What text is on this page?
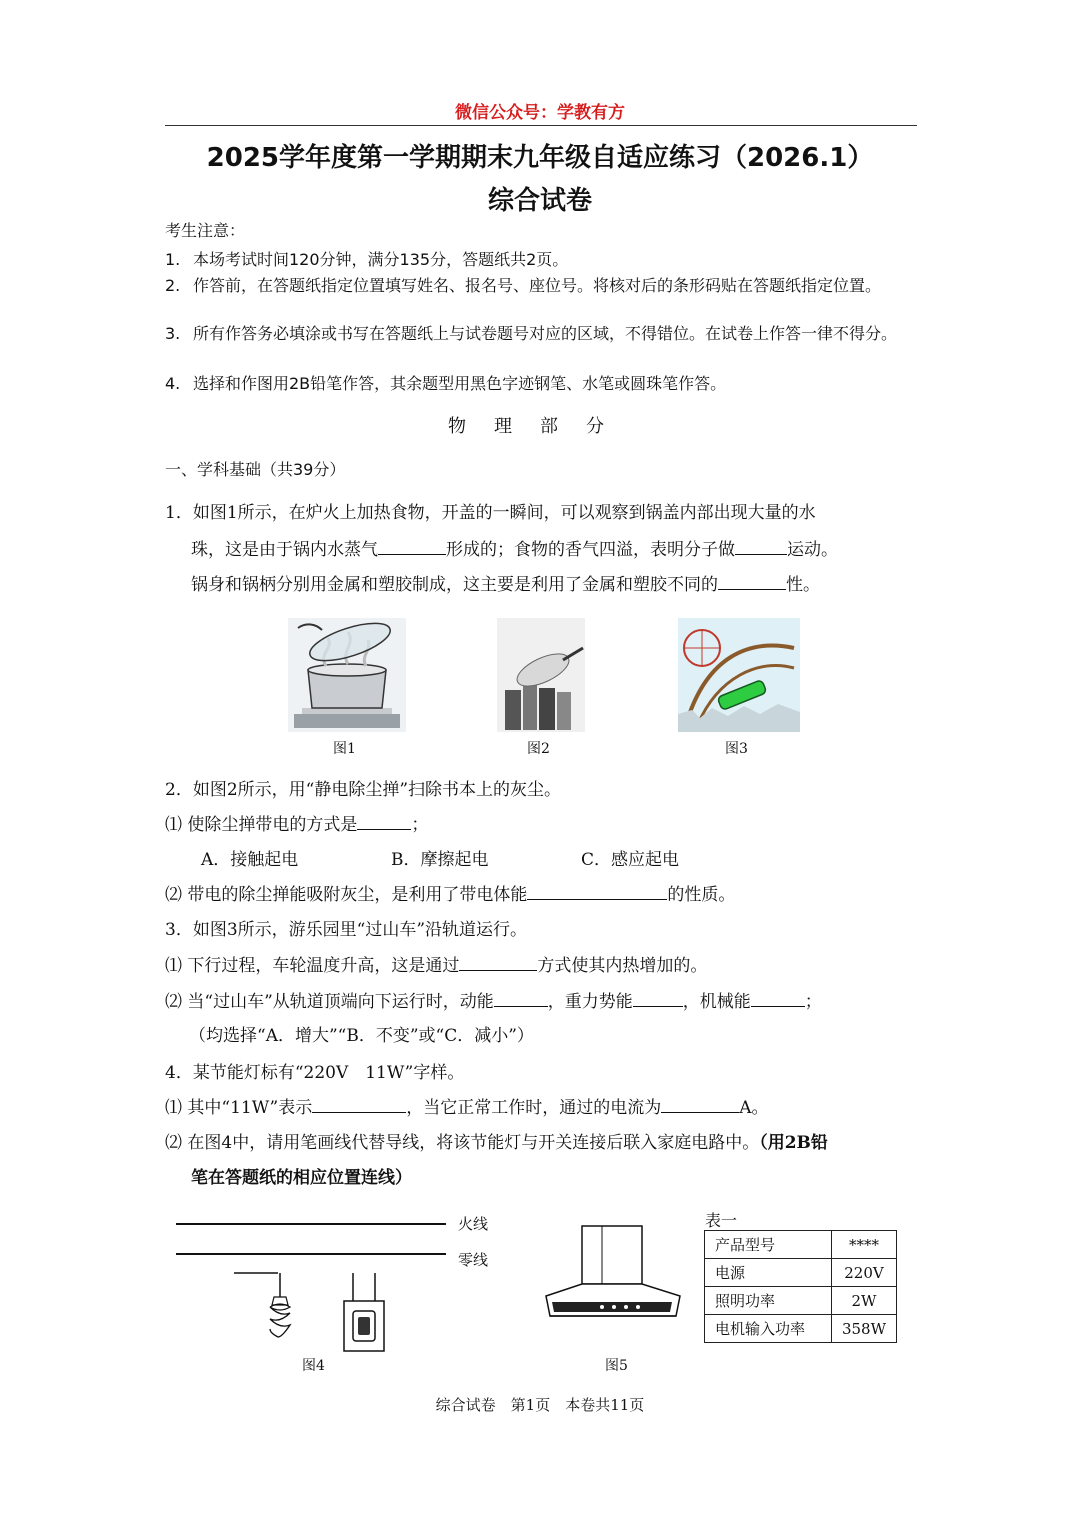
微信公众号：学教有方
2025学年度第一学期期末九年级自适应练习（2026.1）
综合试卷
考生注意：
1. 本场考试时间120分钟，满分135分，答题纸共2页。
2. 作答前，在答题纸指定位置填写姓名、报名号、座位号。将核对后的条形码贴在答题纸指定位置。
3. 所有作答务必填涂或书写在答题纸上与试卷题号对应的区域，不得错位。在试卷上作答一律不得分。
4. 选择和作图用2B铅笔作答，其余题型用黑色字迹钢笔、水笔或圆珠笔作答。
物理部分
一、学科基础（共39分）
1．如图1所示，在炉火上加热食物，开盖的一瞬间，可以观察到锅盖内部出现大量的水
珠，这是由于锅内水蒸气	形成的；食物的香气四溢，表明分子做	运动。
锅身和锅柄分别用金属和塑胶制成，这主要是利用了金属和塑胶不同的	性。
图1	图2	图3
2．如图2所示，用“静电除尘掸”扫除书本上的灰尘。
⑴ 使除尘掸带电的方式是	；
A．接触起电	B．摩擦起电	C．感应起电
⑵ 带电的除尘掸能吸附灰尘，是利用了带电体能	的性质。
3．如图3所示，游乐园里“过山车”沿轨道运行。
⑴ 下行过程，车轮温度升高，这是通过	方式使其内热增加的。
⑵ 当“过山车”从轨道顶端向下运行时，动能	，重力势能	，机械能	；
（均选择“A．增大”“B．不变”或“C．减小”）
4．某节能灯标有“220V　11W”字样。
⑴ 其中“11W”表示	，当它正常工作时，通过的电流为	A。
⑵ 在图4中，请用笔画线代替导线，将该节能灯与开关连接后联入家庭电路中。（用2B铅
笔在答题纸的相应位置连线）
火线
零线
图4	图5
表一
产品型号	****
电源	220V
照明功率	2W
电机输入功率	358W
综合试卷　第1页　本卷共11页
